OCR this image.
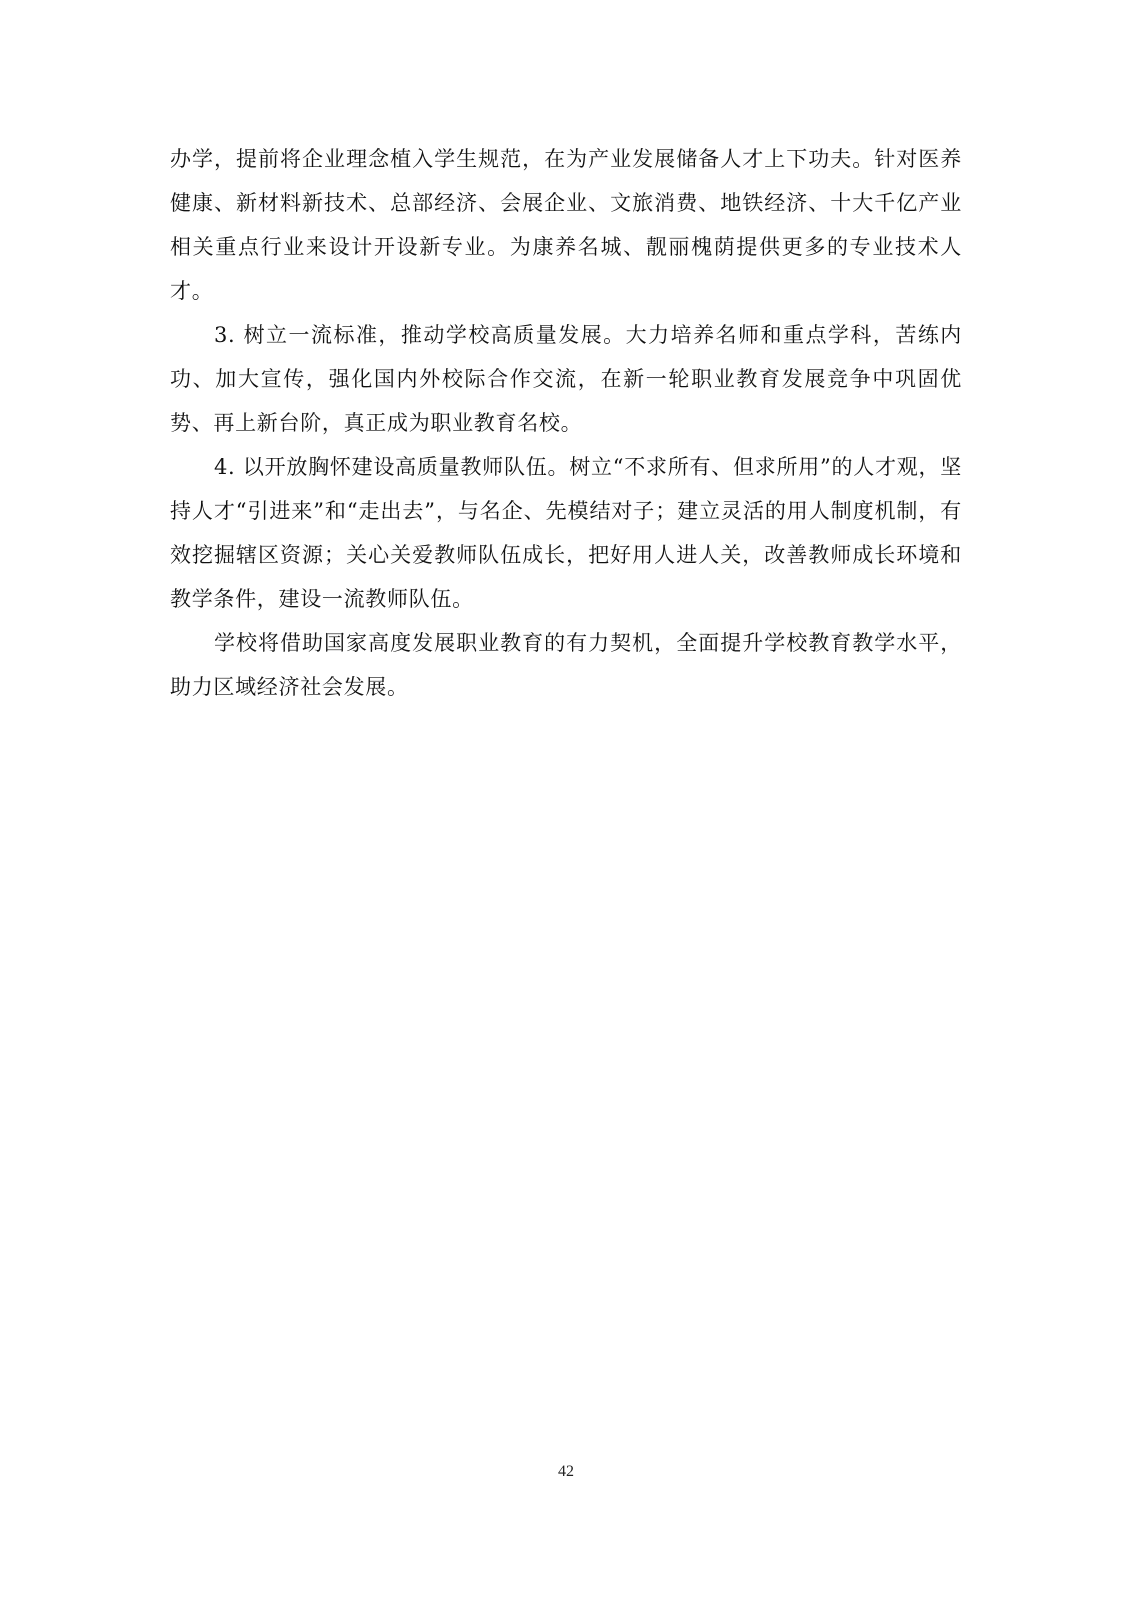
办学，提前将企业理念植入学生规范，在为产业发展储备人才上下功夫。针对医养健康、新材料新技术、总部经济、会展企业、文旅消费、地铁经济、十大千亿产业相关重点行业来设计开设新专业。为康养名城、靓丽槐荫提供更多的专业技术人才。

3. 树立一流标准，推动学校高质量发展。大力培养名师和重点学科，苦练内功、加大宣传，强化国内外校际合作交流，在新一轮职业教育发展竞争中巩固优势、再上新台阶，真正成为职业教育名校。

4. 以开放胸怀建设高质量教师队伍。树立“不求所有、但求所用”的人才观，坚持人才“引进来”和“走出去”，与名企、先模结对子；建立灵活的用人制度机制，有效挖掘辖区资源；关心关爱教师队伍成长，把好用人进人关，改善教师成长环境和教学条件，建设一流教师队伍。

学校将借助国家高度发展职业教育的有力契机，全面提升学校教育教学水平，助力区域经济社会发展。

42
